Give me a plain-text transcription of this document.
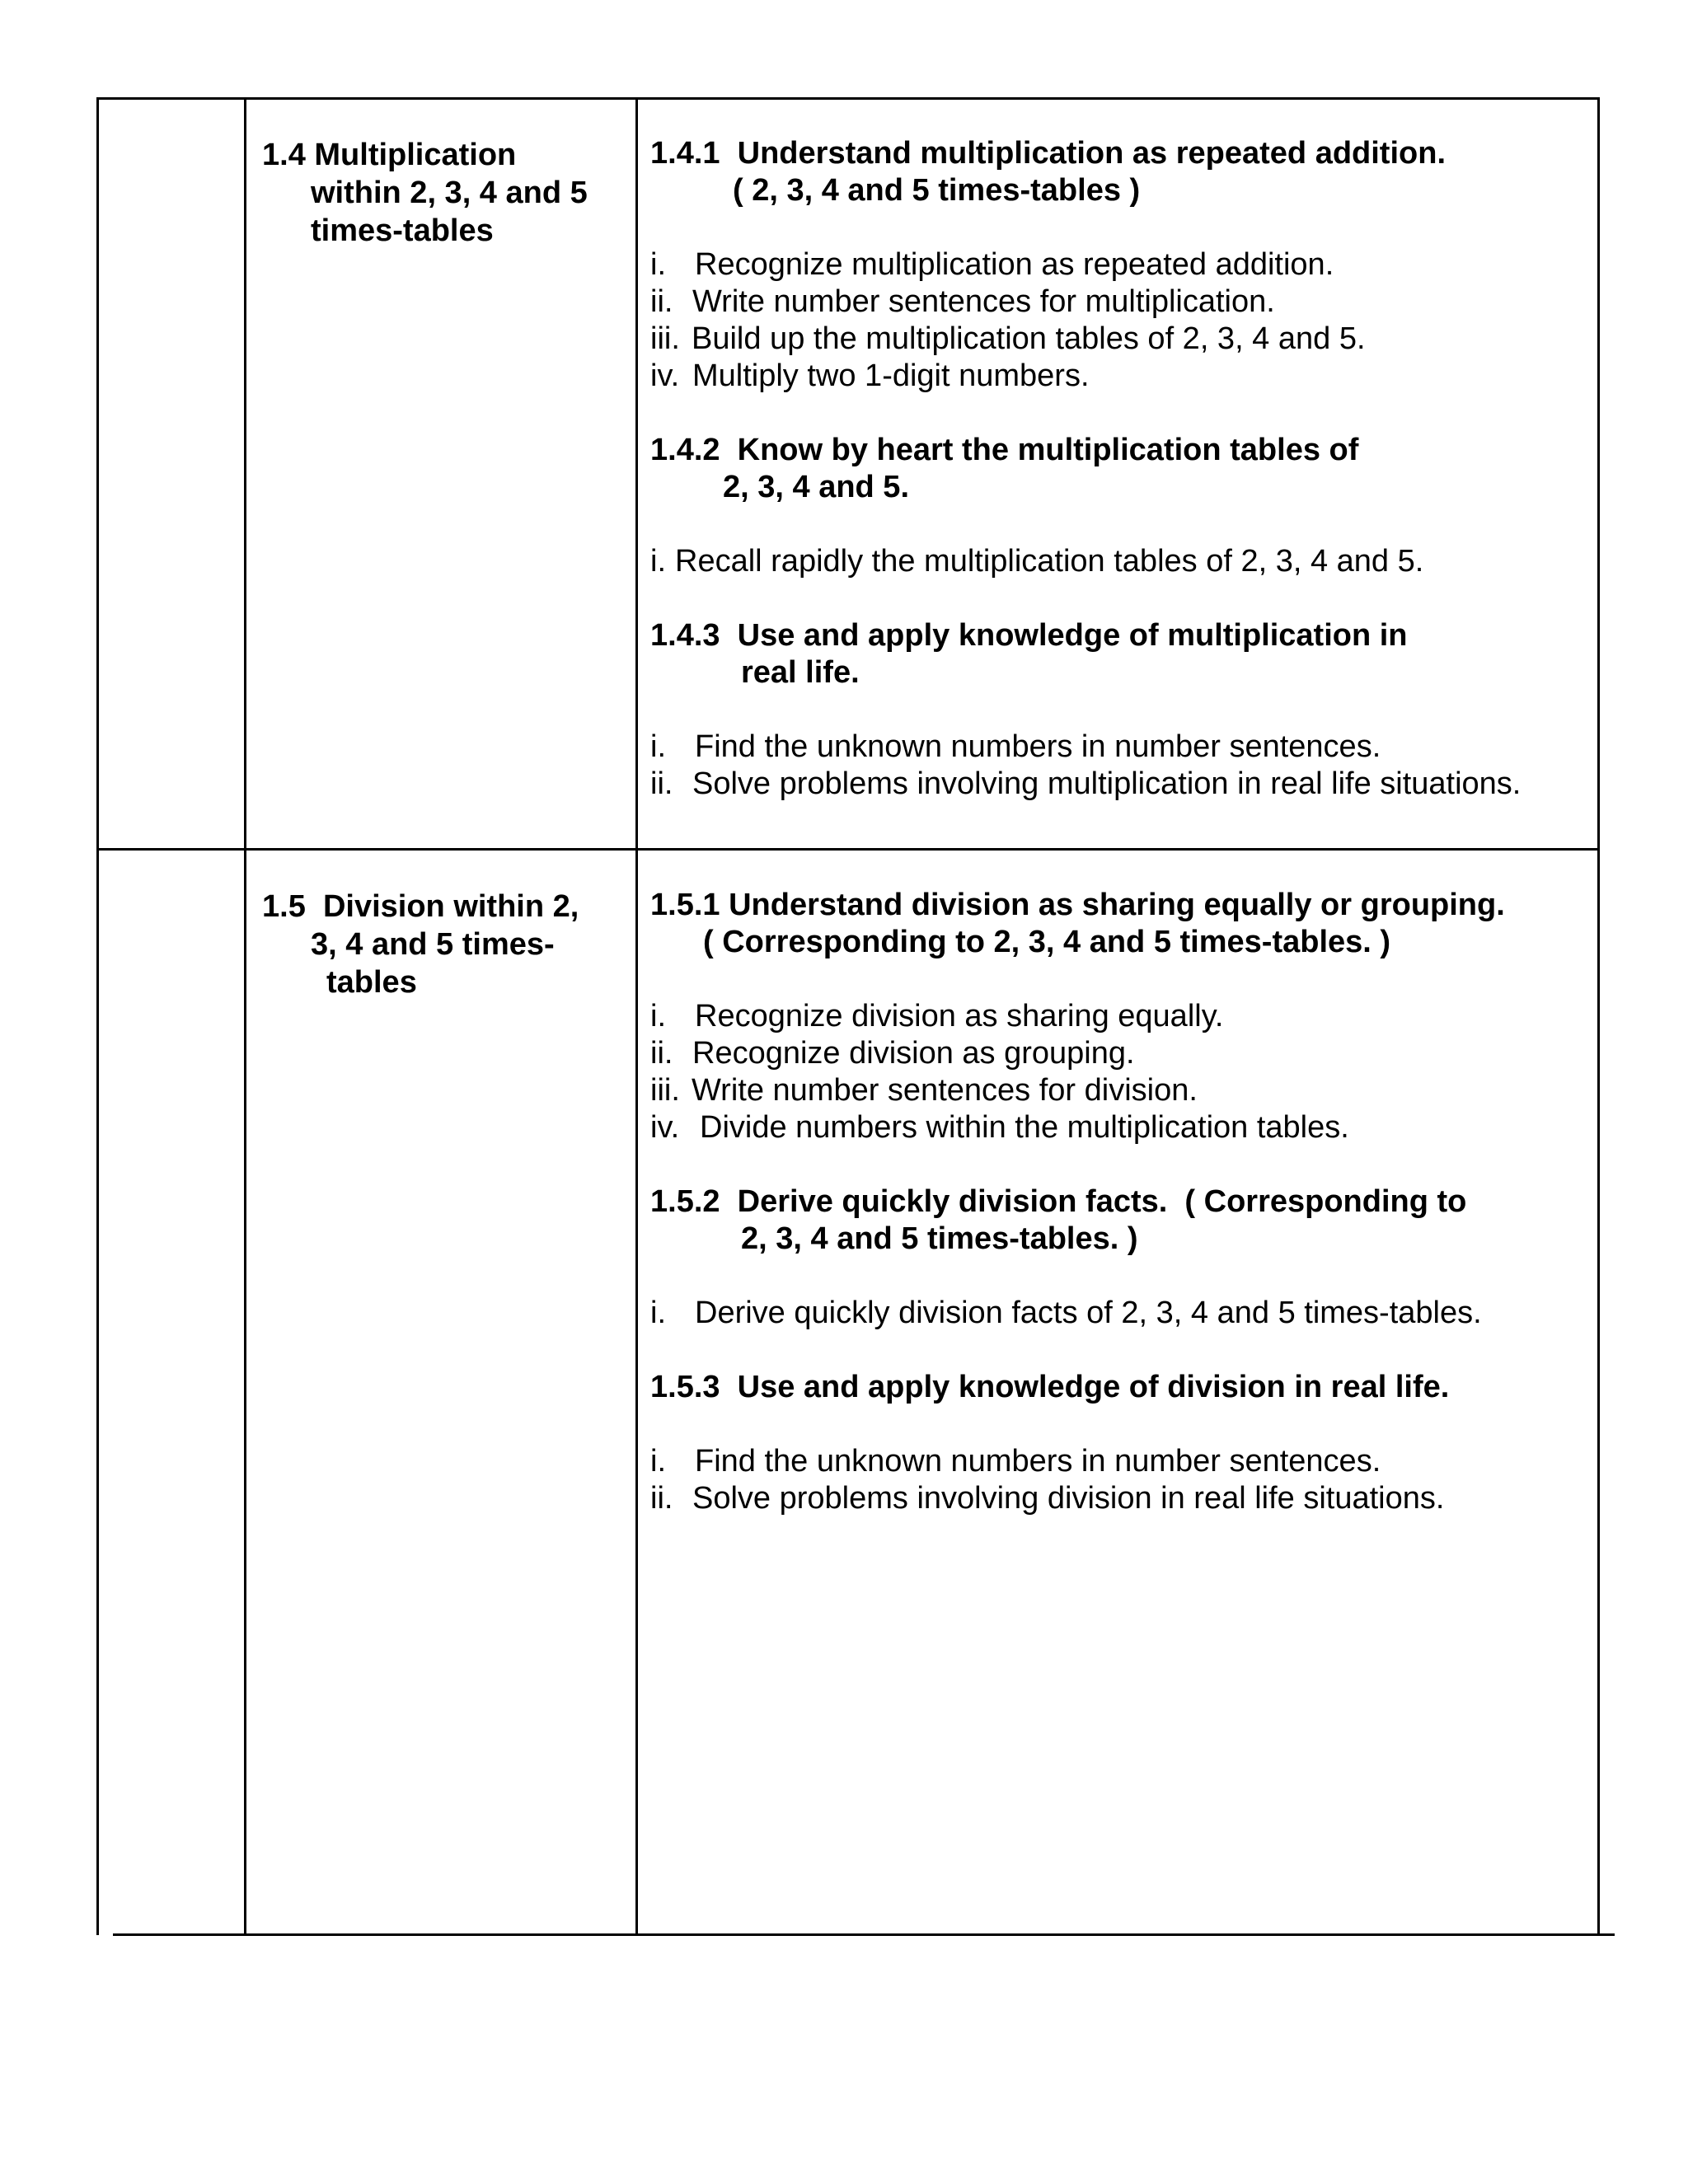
1.4 Multiplication
within 2, 3, 4 and 5
times-tables
1.4.1 Understand multiplication as repeated addition.
( 2, 3, 4 and 5 times-tables )
i. Recognize multiplication as repeated addition.
ii. Write number sentences for multiplication.
iii. Build up the multiplication tables of 2, 3, 4 and 5.
iv. Multiply two 1-digit numbers.
1.4.2 Know by heart the multiplication tables of
2, 3, 4 and 5.
i. Recall rapidly the multiplication tables of 2, 3, 4 and 5.
1.4.3 Use and apply knowledge of multiplication in
real life.
i. Find the unknown numbers in number sentences.
ii. Solve problems involving multiplication in real life situations.
1.5 Division within 2,
3, 4 and 5 times-
tables
1.5.1 Understand division as sharing equally or grouping.
( Corresponding to 2, 3, 4 and 5 times-tables. )
i. Recognize division as sharing equally.
ii. Recognize division as grouping.
iii. Write number sentences for division.
iv. Divide numbers within the multiplication tables.
1.5.2 Derive quickly division facts.  ( Corresponding to
2, 3, 4 and 5 times-tables. )
i. Derive quickly division facts of 2, 3, 4 and 5 times-tables.
1.5.3 Use and apply knowledge of division in real life.
i. Find the unknown numbers in number sentences.
ii. Solve problems involving division in real life situations.
